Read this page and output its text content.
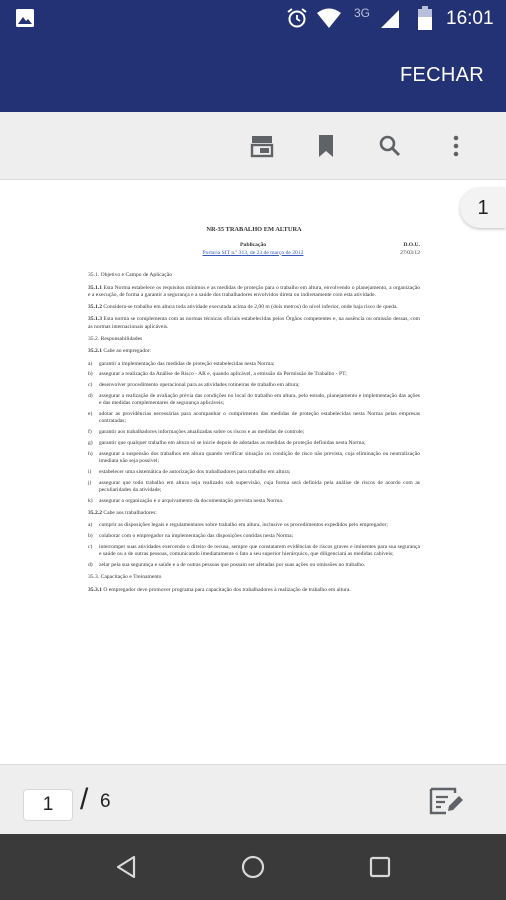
3G	16:01
FECHAR
1
NR-35 TRABALHO EM ALTURA
Publicação
Portaria SIT n.º 313, de 23 de março de 2012
D.O.U.
27/03/12

35.1. Objetivo e Campo de Aplicação

35.1.1 Esta Norma estabelece os requisitos mínimos e as medidas de proteção para o trabalho em altura, envolvendo o planejamento, a organização e a execução, de forma a garantir a segurança e a saúde dos trabalhadores envolvidos direta ou indiretamente com esta atividade.

35.1.2 Considera-se trabalho em altura toda atividade executada acima de 2,00 m (dois metros) do nível inferior, onde haja risco de queda.

35.1.3 Esta norma se complementa com as normas técnicas oficiais estabelecidas pelos Órgãos competentes e, na ausência ou omissão dessas, com as normas internacionais aplicáveis.

35.2. Responsabilidades

35.2.1 Cabe ao empregador:

a)	garantir a implementação das medidas de proteção estabelecidas nesta Norma;
b)	assegurar a realização da Análise de Risco - AR e, quando aplicável, a emissão da Permissão de Trabalho - PT;
c)	desenvolver procedimento operacional para as atividades rotineiras de trabalho em altura;
d)	assegurar a realização de avaliação prévia das condições no local do trabalho em altura, pelo estudo, planejamento e implementação das ações e das medidas complementares de segurança aplicáveis;
e)	adotar as providências necessárias para acompanhar o cumprimento das medidas de proteção estabelecidas nesta Norma pelas empresas contratadas;
f)	garantir aos trabalhadores informações atualizadas sobre os riscos e as medidas de controle;
g)	garantir que qualquer trabalho em altura só se inicie depois de adotadas as medidas de proteção definidas nesta Norma;
h)	assegurar a suspensão dos trabalhos em altura quando verificar situação ou condição de risco não prevista, cuja eliminação ou neutralização imediata não seja possível;
i)	estabelecer uma sistemática de autorização dos trabalhadores para trabalho em altura;
j)	assegurar que todo trabalho em altura seja realizado sob supervisão, cuja forma será definida pela análise de riscos de acordo com as peculiaridades da atividade;
k)	assegurar a organização e o arquivamento da documentação prevista nesta Norma.

35.2.2 Cabe aos trabalhadores:

a)	cumprir as disposições legais e regulamentares sobre trabalho em altura, inclusive os procedimentos expedidos pelo empregador;
b)	colaborar com o empregador na implementação das disposições contidas nesta Norma;
c)	interromper suas atividades exercendo o direito de recusa, sempre que constatarem evidências de riscos graves e iminentes para sua segurança e saúde ou a de outras pessoas, comunicando imediatamente o fato a seu superior hierárquico, que diligenciará as medidas cabíveis;
d)	zelar pela sua segurança e saúde e a de outras pessoas que possam ser afetadas por suas ações ou omissões no trabalho.

35.3. Capacitação e Treinamento

35.3.1 O empregador deve promover programa para capacitação dos trabalhadores à realização de trabalho em altura.

1
/ 6
